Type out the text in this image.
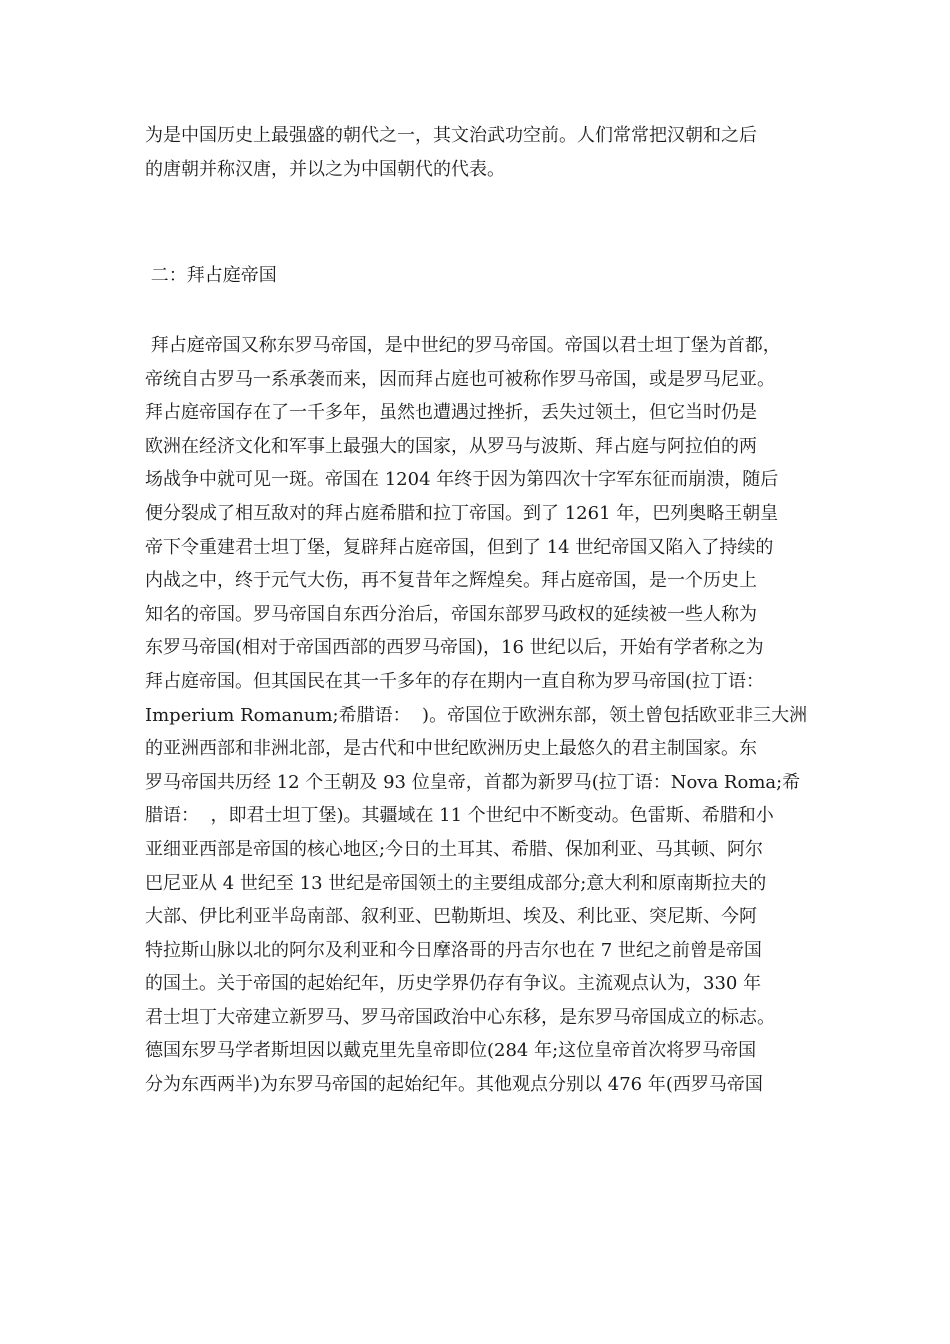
为是中国历史上最强盛的朝代之一，其文治武功空前。人们常常把汉朝和之后
的唐朝并称汉唐，并以之为中国朝代的代表。
二：拜占庭帝国
拜占庭帝国又称东罗马帝国，是中世纪的罗马帝国。帝国以君士坦丁堡为首都，
帝统自古罗马一系承袭而来，因而拜占庭也可被称作罗马帝国，或是罗马尼亚。
拜占庭帝国存在了一千多年，虽然也遭遇过挫折，丢失过领土，但它当时仍是
欧洲在经济文化和军事上最强大的国家，从罗马与波斯、拜占庭与阿拉伯的两
场战争中就可见一斑。帝国在 1204 年终于因为第四次十字军东征而崩溃，随后
便分裂成了相互敌对的拜占庭希腊和拉丁帝国。到了 1261 年，巴列奥略王朝皇
帝下令重建君士坦丁堡，复辟拜占庭帝国，但到了 14 世纪帝国又陷入了持续的
内战之中，终于元气大伤，再不复昔年之辉煌矣。拜占庭帝国，是一个历史上
知名的帝国。罗马帝国自东西分治后，帝国东部罗马政权的延续被一些人称为
东罗马帝国(相对于帝国西部的西罗马帝国)，16 世纪以后，开始有学者称之为
拜占庭帝国。但其国民在其一千多年的存在期内一直自称为罗马帝国(拉丁语：
Imperium Romanum;希腊语：  )。帝国位于欧洲东部，领土曾包括欧亚非三大洲
的亚洲西部和非洲北部，是古代和中世纪欧洲历史上最悠久的君主制国家。东
罗马帝国共历经 12 个王朝及 93 位皇帝，首都为新罗马(拉丁语：Nova Roma;希
腊语：  ，即君士坦丁堡)。其疆域在 11 个世纪中不断变动。色雷斯、希腊和小
亚细亚西部是帝国的核心地区;今日的土耳其、希腊、保加利亚、马其顿、阿尔
巴尼亚从 4 世纪至 13 世纪是帝国领土的主要组成部分;意大利和原南斯拉夫的
大部、伊比利亚半岛南部、叙利亚、巴勒斯坦、埃及、利比亚、突尼斯、今阿
特拉斯山脉以北的阿尔及利亚和今日摩洛哥的丹吉尔也在 7 世纪之前曾是帝国
的国土。关于帝国的起始纪年，历史学界仍存有争议。主流观点认为，330 年
君士坦丁大帝建立新罗马、罗马帝国政治中心东移，是东罗马帝国成立的标志。
德国东罗马学者斯坦因以戴克里先皇帝即位(284 年;这位皇帝首次将罗马帝国
分为东西两半)为东罗马帝国的起始纪年。其他观点分别以 476 年(西罗马帝国
